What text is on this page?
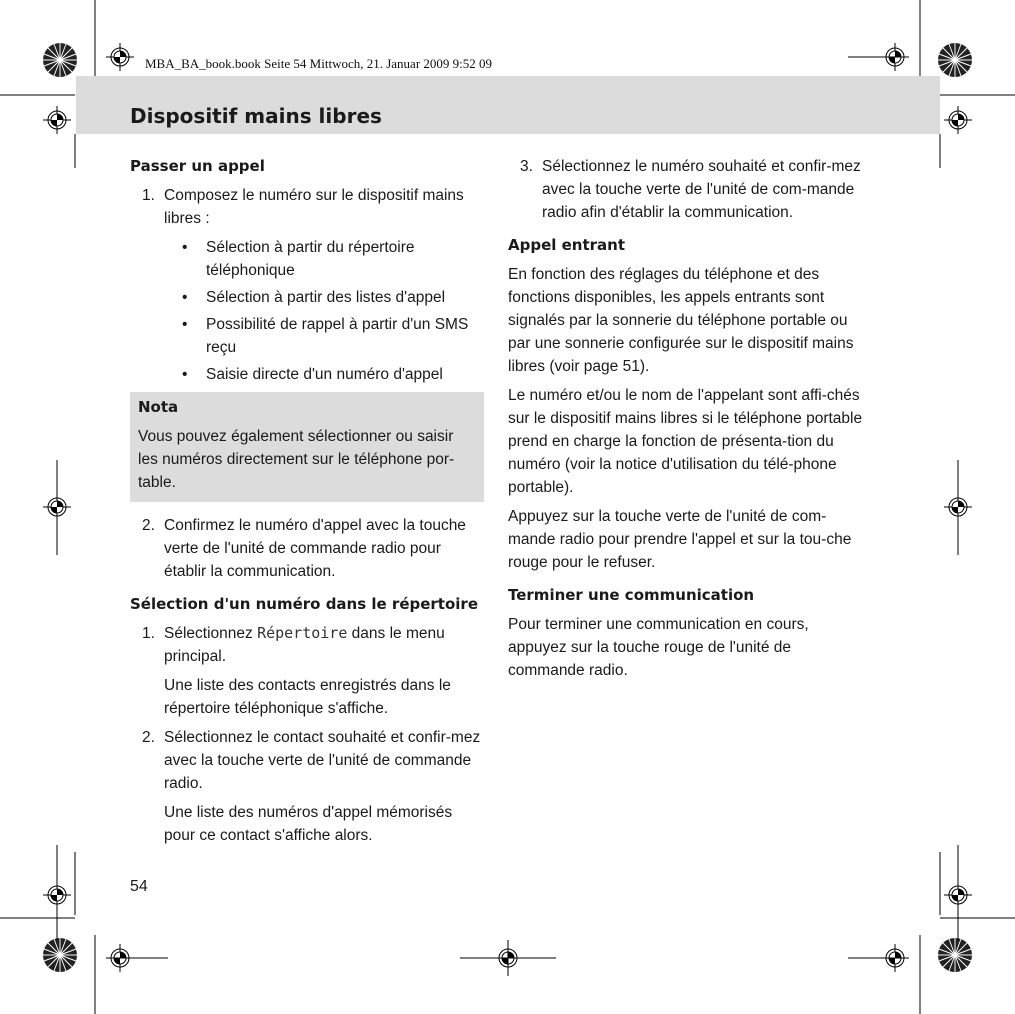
MBA_BA_book.book Seite 54 Mittwoch, 21. Januar 2009 9:52 09
Dispositif mains libres
Passer un appel
1. Composez le numéro sur le dispositif mains libres :
• Sélection à partir du répertoire téléphonique
• Sélection à partir des listes d'appel
• Possibilité de rappel à partir d'un SMS reçu
• Saisie directe d'un numéro d'appel
Nota
Vous pouvez également sélectionner ou saisir les numéros directement sur le téléphone por-table.
2. Confirmez le numéro d'appel avec la touche verte de l'unité de commande radio pour établir la communication.
Sélection d'un numéro dans le répertoire
1. Sélectionnez Répertoire dans le menu principal.
Une liste des contacts enregistrés dans le répertoire téléphonique s'affiche.
2. Sélectionnez le contact souhaité et confir-mez avec la touche verte de l'unité de commande radio.
Une liste des numéros d'appel mémorisés pour ce contact s'affiche alors.
3. Sélectionnez le numéro souhaité et confir-mez avec la touche verte de l'unité de com-mande radio afin d'établir la communication.
Appel entrant

En fonction des réglages du téléphone et des fonctions disponibles, les appels entrants sont signalés par la sonnerie du téléphone portable ou par une sonnerie configurée sur le dispositif mains libres (voir page 51).

Le numéro et/ou le nom de l'appelant sont affi-chés sur le dispositif mains libres si le téléphone portable prend en charge la fonction de présenta-tion du numéro (voir la notice d'utilisation du télé-phone portable).

Appuyez sur la touche verte de l'unité de com-mande radio pour prendre l'appel et sur la tou-che rouge pour le refuser.

Terminer une communication

Pour terminer une communication en cours, appuyez sur la touche rouge de l'unité de commande radio.

54
